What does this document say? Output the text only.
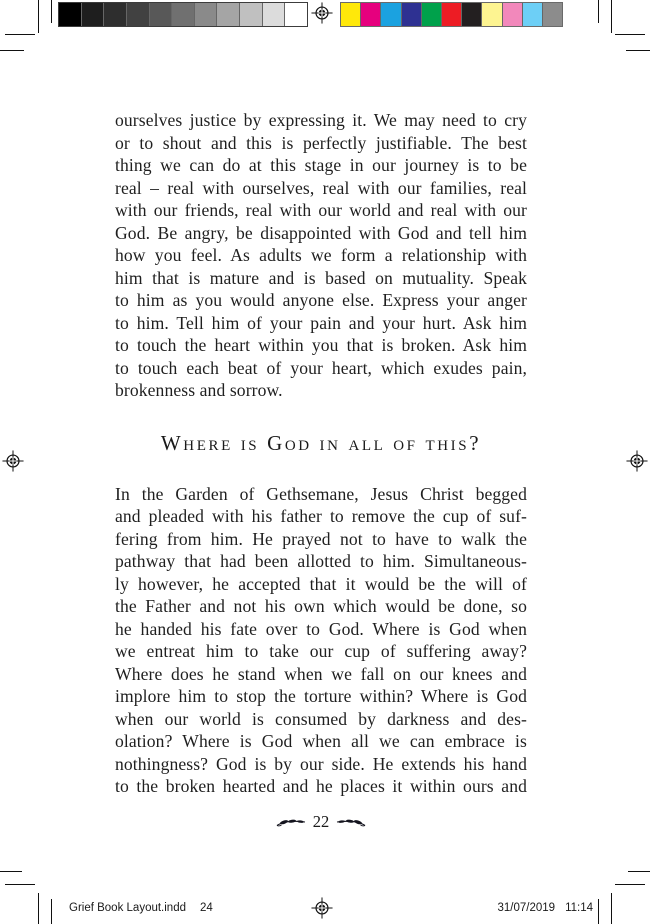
ourselves justice by expressing it. We may need to cry
or to shout and this is perfectly justifiable. The best
thing we can do at this stage in our journey is to be
real – real with ourselves, real with our families, real
with our friends, real with our world and real with our
God. Be angry, be disappointed with God and tell him
how you feel. As adults we form a relationship with
him that is mature and is based on mutuality. Speak
to him as you would anyone else. Express your anger
to him. Tell him of your pain and your hurt. Ask him
to touch the heart within you that is broken. Ask him
to touch each beat of your heart, which exudes pain,
brokenness and sorrow.
Where is God in all of this?
In the Garden of Gethsemane, Jesus Christ begged
and pleaded with his father to remove the cup of suf-
fering from him. He prayed not to have to walk the
pathway that had been allotted to him. Simultaneous-
ly however, he accepted that it would be the will of
the Father and not his own which would be done, so
he handed his fate over to God. Where is God when
we entreat him to take our cup of suffering away?
Where does he stand when we fall on our knees and
implore him to stop the torture within? Where is God
when our world is consumed by darkness and des-
olation? Where is God when all we can embrace is
nothingness? God is by our side. He extends his hand
to the broken hearted and he places it within ours and
22
Grief Book Layout.indd 24	31/07/2019 11:14
